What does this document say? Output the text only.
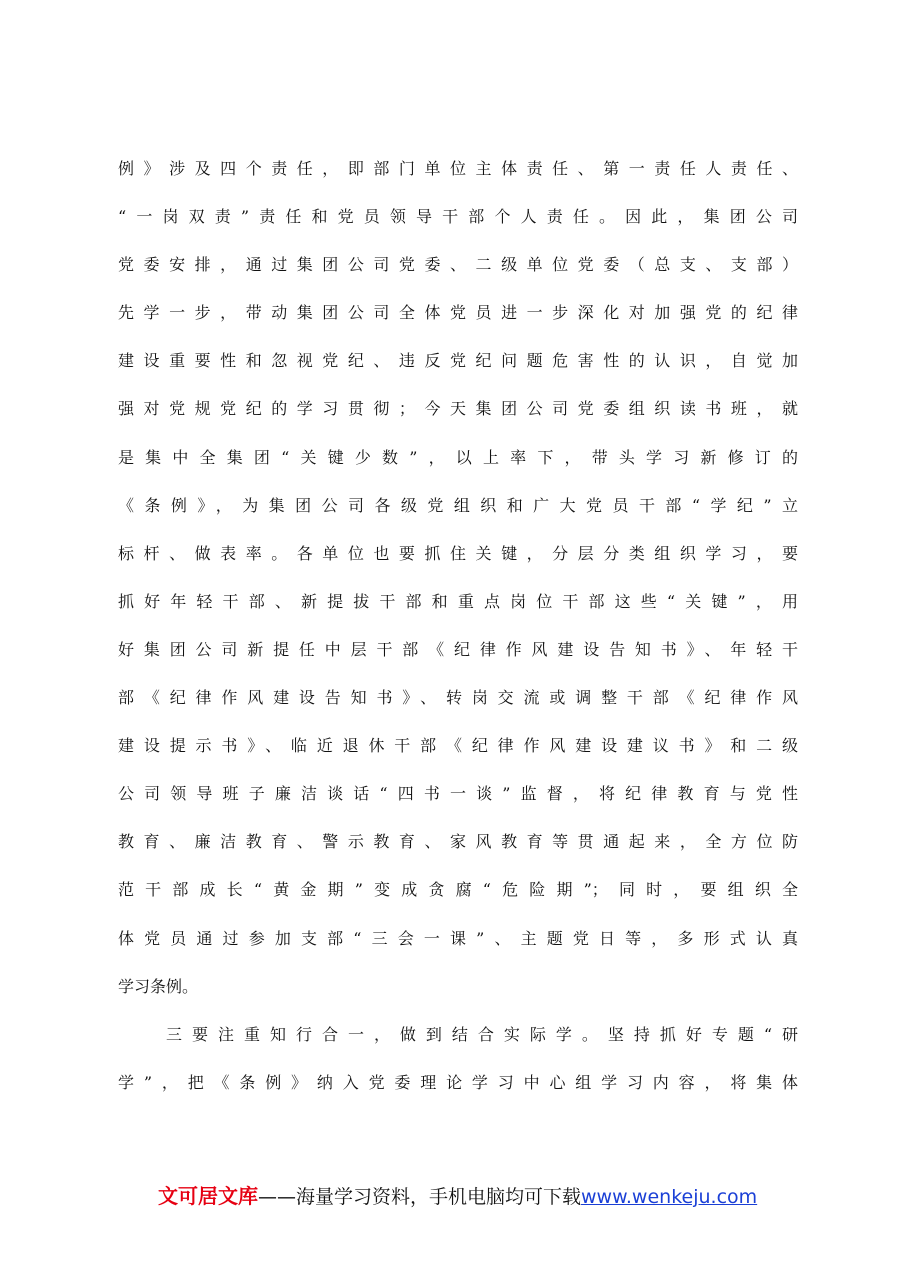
例》涉及四个责任，即部门单位主体责任、第一责任人责任、
“一岗双责”责任和党员领导干部个人责任。因此，集团公司
党委安排，通过集团公司党委、二级单位党委（总支、支部）
先学一步，带动集团公司全体党员进一步深化对加强党的纪律
建设重要性和忽视党纪、违反党纪问题危害性的认识，自觉加
强对党规党纪的学习贯彻；今天集团公司党委组织读书班，就
是集中全集团“关键少数”，以上率下，带头学习新修订的
《条例》，为集团公司各级党组织和广大党员干部“学纪”立
标杆、做表率。各单位也要抓住关键，分层分类组织学习，要
抓好年轻干部、新提拔干部和重点岗位干部这些“关键”，用
好集团公司新提任中层干部《纪律作风建设告知书》、年轻干
部《纪律作风建设告知书》、转岗交流或调整干部《纪律作风
建设提示书》、临近退休干部《纪律作风建设建议书》和二级
公司领导班子廉洁谈话“四书一谈”监督，将纪律教育与党性
教育、廉洁教育、警示教育、家风教育等贯通起来，全方位防
范干部成长“黄金期”变成贪腐“危险期”；同时，要组织全
体党员通过参加支部“三会一课”、主题党日等，多形式认真
学习条例。
三要注重知行合一，做到结合实际学。坚持抓好专题“研
学”，把《条例》纳入党委理论学习中心组学习内容，将集体
文可居文库——海量学习资料，手机电脑均可下载www.wenkeju.com
